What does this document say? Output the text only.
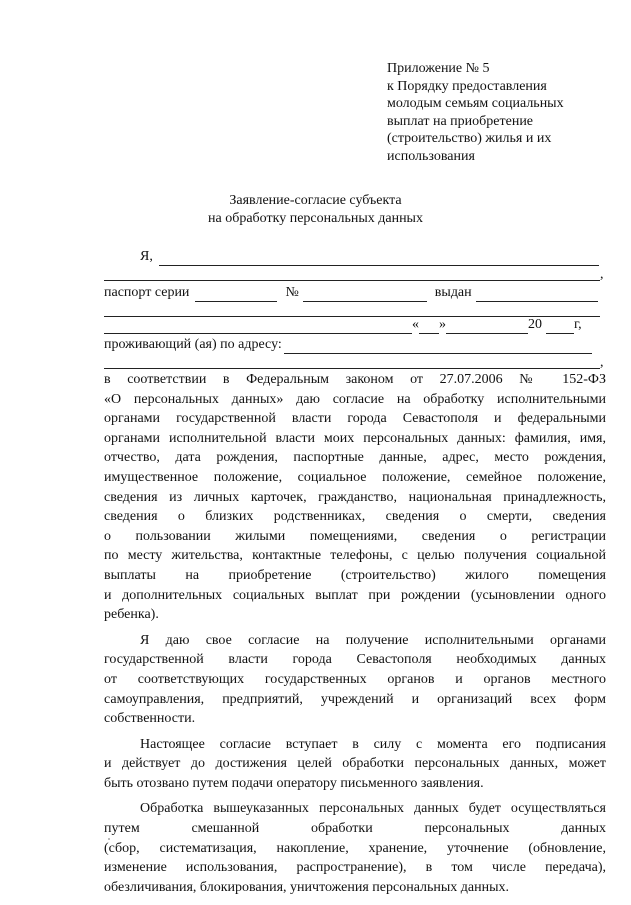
Приложение № 5
к Порядку предоставления
молодым семьям социальных
выплат на приобретение
(строительство) жилья и их
использования
Заявление-согласие субъекта
на обработку персональных данных
Я,
,
паспорт серии	№	выдан
« »	20 г,
проживающий (ая) по адресу:
,

в соответствии в Федеральным законом от 27.07.2006 № 152-ФЗ
«О персональных данных» даю согласие на обработку исполнительными
органами государственной власти города Севастополя и федеральными
органами исполнительной власти моих персональных данных: фамилия, имя,
отчество, дата рождения, паспортные данные, адрес, место рождения,
имущественное положение, социальное положение, семейное положение,
сведения из личных карточек, гражданство, национальная принадлежность,
сведения о близких родственниках, сведения о смерти, сведения
о пользовании жилыми помещениями, сведения о регистрации
по месту жительства, контактные телефоны, с целью получения социальной
выплаты на приобретение (строительство) жилого помещения
и дополнительных социальных выплат при рождении (усыновлении одного
ребенка).

Я даю свое согласие на получение исполнительными органами
государственной власти города Севастополя необходимых данных
от соответствующих государственных органов и органов местного
самоуправления, предприятий, учреждений и организаций всех форм
собственности.

Настоящее согласие вступает в силу с момента его подписания
и действует до достижения целей обработки персональных данных, может
быть отозвано путем подачи оператору письменного заявления.

Обработка вышеуказанных персональных данных будет осуществляться
путем смешанной обработки персональных данных
(сбор, систематизация, накопление, хранение, уточнение (обновление,
изменение использования, распространение), в том числе передача),
обезличивания, блокирования, уничтожения персональных данных.
